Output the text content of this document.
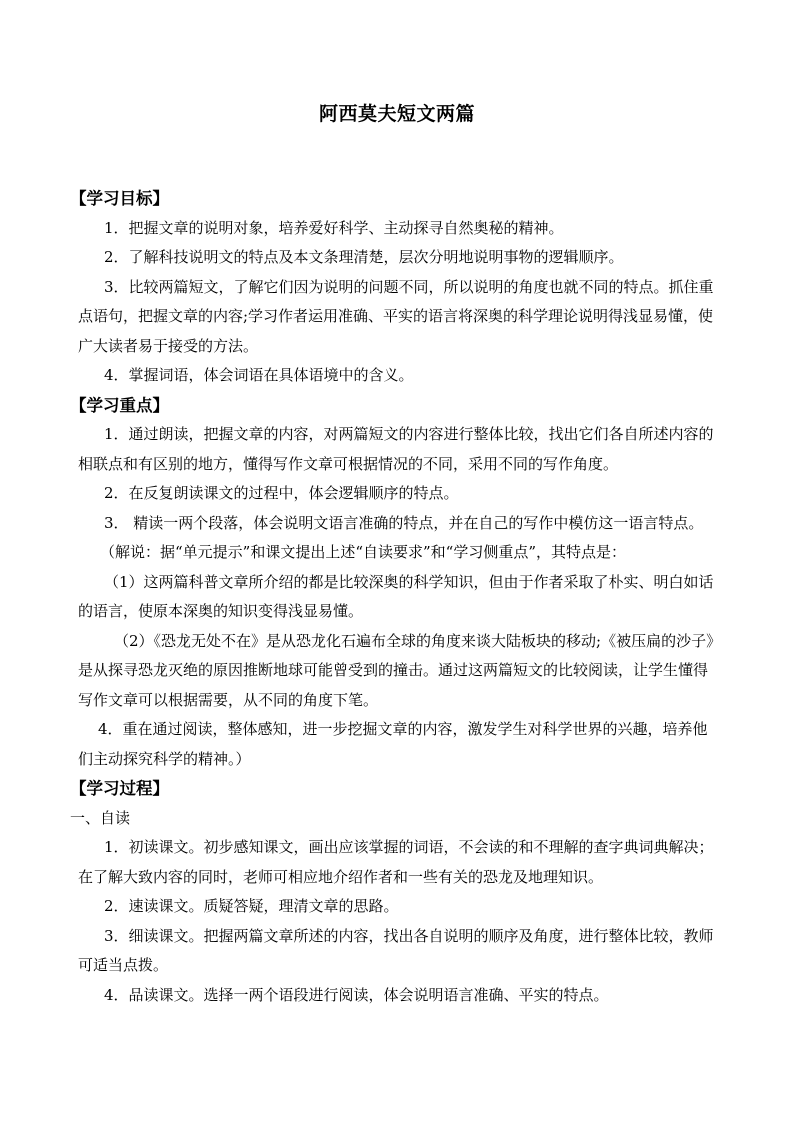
阿西莫夫短文两篇

【学习目标】

1．把握文章的说明对象，培养爱好科学、主动探寻自然奥秘的精神。

2．了解科技说明文的特点及本文条理清楚，层次分明地说明事物的逻辑顺序。

3．比较两篇短文，了解它们因为说明的问题不同，所以说明的角度也就不同的特点。抓住重点语句，把握文章的内容;学习作者运用准确、平实的语言将深奥的科学理论说明得浅显易懂，使广大读者易于接受的方法。

4．掌握词语，体会词语在具体语境中的含义。

【学习重点】

1．通过朗读，把握文章的内容，对两篇短文的内容进行整体比较，找出它们各自所述内容的相联点和有区别的地方，懂得写作文章可根据情况的不同，采用不同的写作角度。

2．在反复朗读课文的过程中，体会逻辑顺序的特点。

3． 精读一两个段落，体会说明文语言准确的特点，并在自己的写作中模仿这一语言特点。

（解说：据“单元提示”和课文提出上述“自读要求”和“学习侧重点”，其特点是：

（1）这两篇科普文章所介绍的都是比较深奥的科学知识，但由于作者采取了朴实、明白如话的语言，使原本深奥的知识变得浅显易懂。

（2）《恐龙无处不在》是从恐龙化石遍布全球的角度来谈大陆板块的移动;《被压扁的沙子》是从探寻恐龙灭绝的原因推断地球可能曾受到的撞击。通过这两篇短文的比较阅读，让学生懂得写作文章可以根据需要，从不同的角度下笔。

4．重在通过阅读，整体感知，进一步挖掘文章的内容，激发学生对科学世界的兴趣，培养他们主动探究科学的精神。）

【学习过程】

一、自读

1．初读课文。初步感知课文，画出应该掌握的词语，不会读的和不理解的查字典词典解决；在了解大致内容的同时，老师可相应地介绍作者和一些有关的恐龙及地理知识。

2．速读课文。质疑答疑，理清文章的思路。

3．细读课文。把握两篇文章所述的内容，找出各自说明的顺序及角度，进行整体比较，教师可适当点拨。

4．品读课文。选择一两个语段进行阅读，体会说明语言准确、平实的特点。
